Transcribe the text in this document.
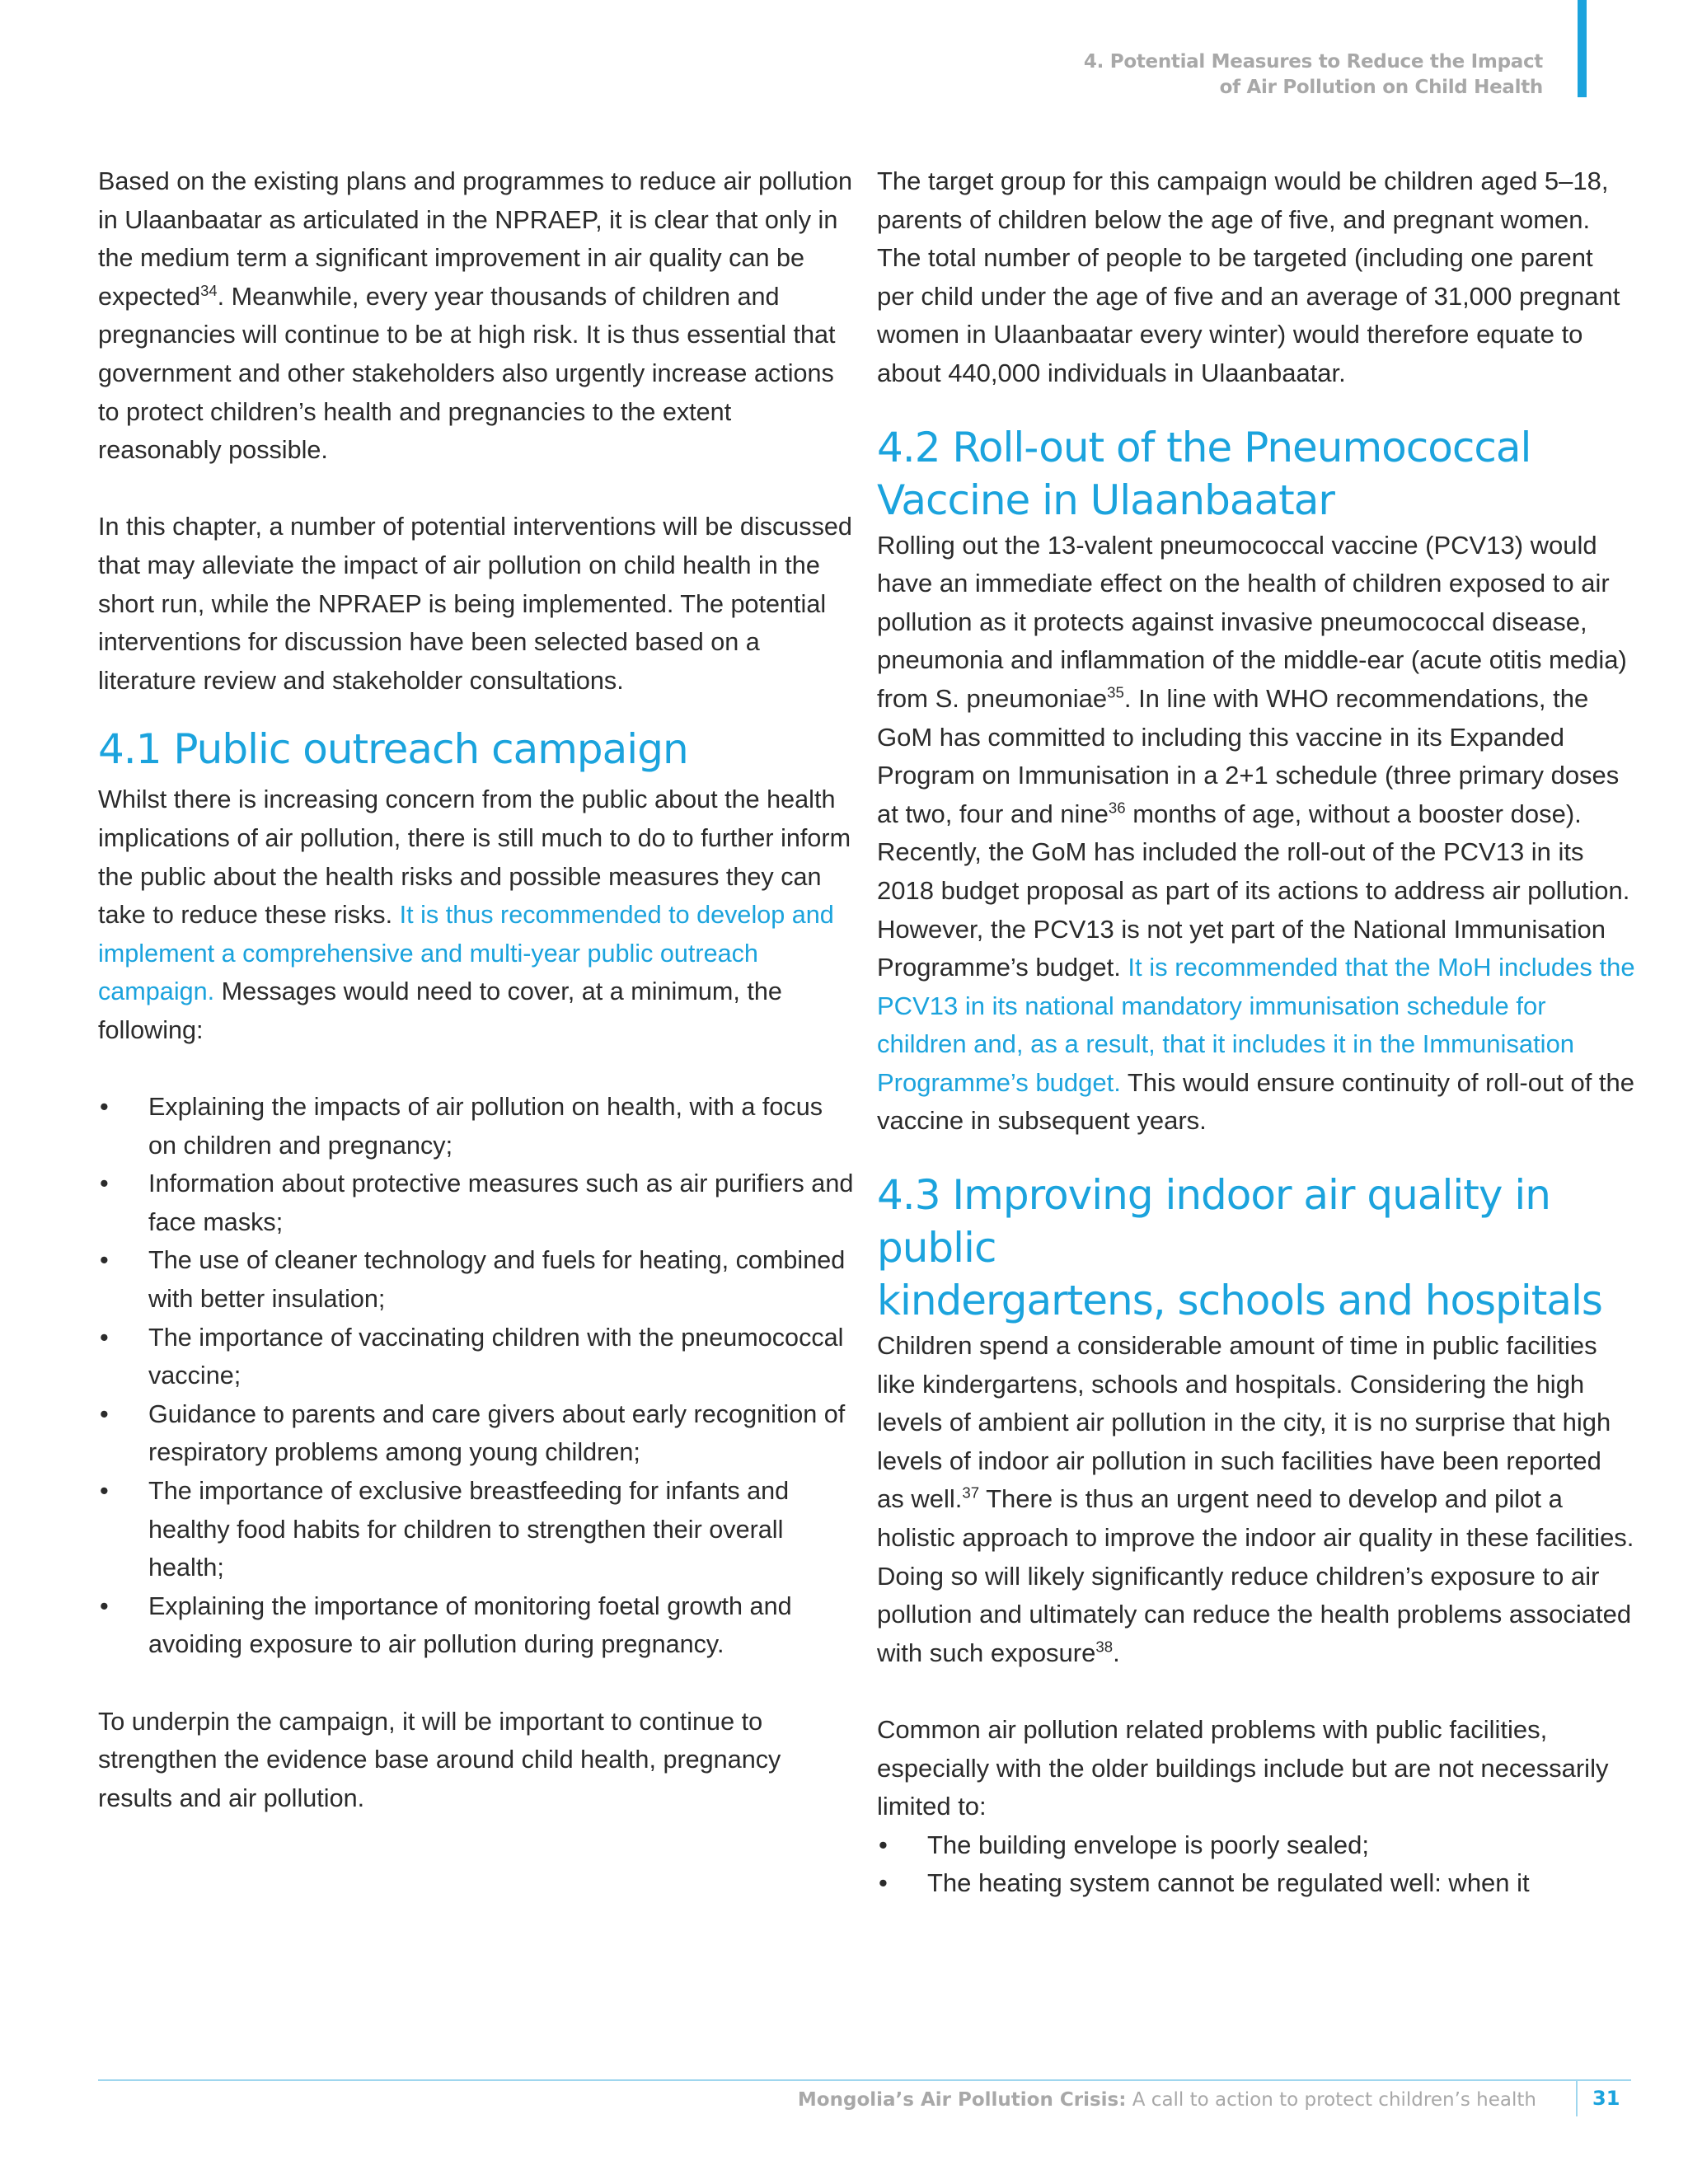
4. Potential Measures to Reduce the Impact
of Air Pollution on Child Health

Based on the existing plans and programmes to reduce air pollution in Ulaanbaatar as articulated in the NPRAEP, it is clear that only in the medium term a significant improvement in air quality can be expected$^{34}$. Meanwhile, every year thousands of children and pregnancies will continue to be at high risk. It is thus essential that government and other stakeholders also urgently increase actions to protect children’s health and pregnancies to the extent reasonably possible.

In this chapter, a number of potential interventions will be discussed that may alleviate the impact of air pollution on child health in the short run, while the NPRAEP is being implemented. The potential interventions for discussion have been selected based on a literature review and stakeholder consultations.

4.1 Public outreach campaign

Whilst there is increasing concern from the public about the health implications of air pollution, there is still much to do to further inform the public about the health risks and possible measures they can take to reduce these risks. It is thus recommended to develop and implement a comprehensive and multi-year public outreach campaign. Messages would need to cover, at a minimum, the following:

• Explaining the impacts of air pollution on health, with a focus on children and pregnancy;
• Information about protective measures such as air purifiers and face masks;
• The use of cleaner technology and fuels for heating, combined with better insulation;
• The importance of vaccinating children with the pneumococcal vaccine;
• Guidance to parents and care givers about early recognition of respiratory problems among young children;
• The importance of exclusive breastfeeding for infants and healthy food habits for children to strengthen their overall health;
• Explaining the importance of monitoring foetal growth and avoiding exposure to air pollution during pregnancy.

To underpin the campaign, it will be important to continue to strengthen the evidence base around child health, pregnancy results and air pollution.

The target group for this campaign would be children aged 5–18, parents of children below the age of five, and pregnant women. The total number of people to be targeted (including one parent per child under the age of five and an average of 31,000 pregnant women in Ulaanbaatar every winter) would therefore equate to about 440,000 individuals in Ulaanbaatar.

4.2 Roll-out of the Pneumococcal
Vaccine in Ulaanbaatar

Rolling out the 13-valent pneumococcal vaccine (PCV13) would have an immediate effect on the health of children exposed to air pollution as it protects against invasive pneumococcal disease, pneumonia and inflammation of the middle-ear (acute otitis media) from S. pneumoniae$^{35}$. In line with WHO recommendations, the GoM has committed to including this vaccine in its Expanded Program on Immunisation in a 2+1 schedule (three primary doses at two, four and nine$^{36}$ months of age, without a booster dose). Recently, the GoM has included the roll-out of the PCV13 in its 2018 budget proposal as part of its actions to address air pollution. However, the PCV13 is not yet part of the National Immunisation Programme’s budget. It is recommended that the MoH includes the PCV13 in its national mandatory immunisation schedule for children and, as a result, that it includes it in the Immunisation Programme’s budget. This would ensure continuity of roll-out of the vaccine in subsequent years.

4.3 Improving indoor air quality in public
kindergartens, schools and hospitals

Children spend a considerable amount of time in public facilities like kindergartens, schools and hospitals. Considering the high levels of ambient air pollution in the city, it is no surprise that high levels of indoor air pollution in such facilities have been reported as well.$^{37}$ There is thus an urgent need to develop and pilot a holistic approach to improve the indoor air quality in these facilities. Doing so will likely significantly reduce children’s exposure to air pollution and ultimately can reduce the health problems associated with such exposure$^{38}$.

Common air pollution related problems with public facilities, especially with the older buildings include but are not necessarily limited to:

• The building envelope is poorly sealed;
• The heating system cannot be regulated well: when it
Mongolia’s Air Pollution Crisis: A call to action to protect children’s health	31
